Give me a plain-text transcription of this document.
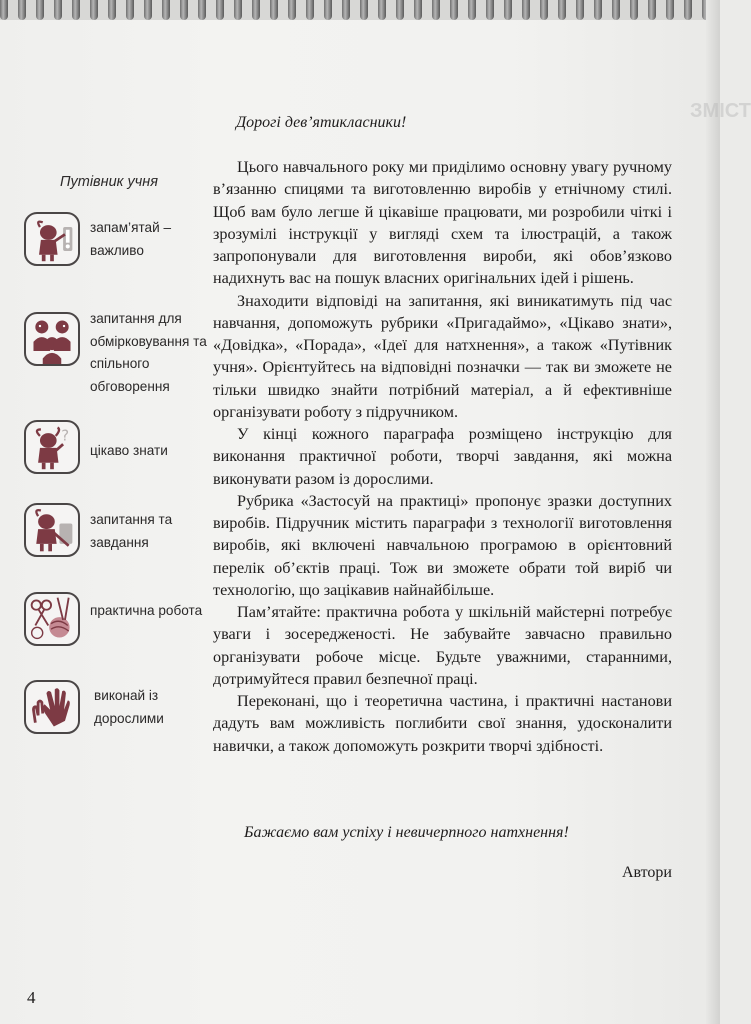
ЗМІСТ
Дорогі дев’ятикласники!
Путівник учня
запам’ятай – важливо
запитання для обмірковування та спільного обговорення
?
цікаво знати
запитання та завдання
практична робота
виконай із дорослими

Цього навчального року ми приділимо основну увагу ручному в’язанню спицями та виготовленню виробів у етнічному стилі. Щоб вам було легше й цікавіше працювати, ми розробили чіткі і зрозумілі інструкції у вигляді схем та ілюстрацій, а також запропонували для виготовлення вироби, які обов’язково надихнуть вас на пошук власних оригінальних ідей і рішень.

Знаходити відповіді на запитання, які виникатимуть під час навчання, допоможуть рубрики «Пригадаймо», «Цікаво знати», «Довідка», «Порада», «Ідеї для натхнення», а також «Путівник учня». Орієнтуйтесь на відповідні позначки — так ви зможете не тільки швидко знайти потрібний матеріал, а й ефективніше організувати роботу з підручником.

У кінці кожного параграфа розміщено інструкцію для виконання практичної роботи, творчі завдання, які можна виконувати разом із дорослими.

Рубрика «Застосуй на практиці» пропонує зразки доступних виробів. Підручник містить параграфи з технології виготовлення виробів, які включені навчальною програмою в орієнтовний перелік об’єктів праці. Тож ви зможете обрати той виріб чи технологію, що зацікавив найнайбільше.

Пам’ятайте: практична робота у шкільній майстерні потребує уваги і зосередженості. Не забувайте завчасно правильно організувати робоче місце. Будьте уважними, старанними, дотримуйтеся правил безпечної праці.

Переконані, що і теоретична частина, і практичні настанови дадуть вам можливість поглибити свої знання, удосконалити навички, а також допоможуть розкрити творчі здібності.

Бажаємо вам успіху і невичерпного натхнення!
Автори
4
